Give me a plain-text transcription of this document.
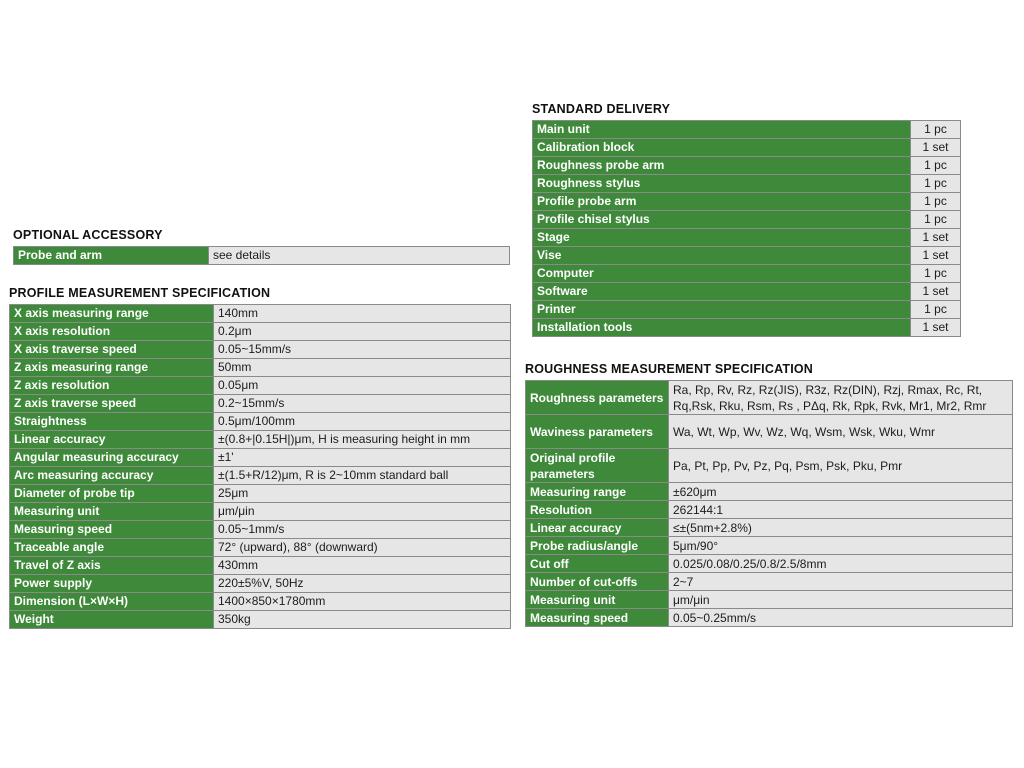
STANDARD DELIVERY
Main unit	1 pc
Calibration block	1 set
Roughness probe arm	1 pc
Roughness stylus	1 pc
Profile probe arm	1 pc
Profile chisel stylus	1 pc
Stage	1 set
Vise	1 set
Computer	1 pc
Software	1 set
Printer	1 pc
Installation tools	1 set
OPTIONAL ACCESSORY
Probe and arm	see details
PROFILE MEASUREMENT SPECIFICATION
X axis measuring range	140mm
X axis resolution	0.2μm
X axis traverse speed	0.05~15mm/s
Z axis measuring range	50mm
Z axis resolution	0.05μm
Z axis traverse speed	0.2~15mm/s
Straightness	0.5μm/100mm
Linear accuracy	±(0.8+|0.15H|)μm, H is measuring height in mm
Angular measuring accuracy	±1'
Arc measuring accuracy	±(1.5+R/12)μm, R is 2~10mm standard ball
Diameter of probe tip	25μm
Measuring unit	μm/μin
Measuring speed	0.05~1mm/s
Traceable angle	72° (upward), 88° (downward)
Travel of Z axis	430mm
Power supply	220±5%V, 50Hz
Dimension (L×W×H)	1400×850×1780mm
Weight	350kg
ROUGHNESS MEASUREMENT SPECIFICATION
Roughness parameters	Ra, Rp, Rv, Rz, Rz(JIS), R3z, Rz(DIN), Rzj, Rmax, Rc, Rt, Rq,Rsk, Rku, Rsm, Rs , PΔq, Rk, Rpk, Rvk, Mr1, Mr2, Rmr
Waviness parameters	Wa, Wt, Wp, Wv, Wz, Wq, Wsm, Wsk, Wku, Wmr
Original profile parameters	Pa, Pt, Pp, Pv, Pz, Pq, Psm, Psk, Pku, Pmr
Measuring range	±620μm
Resolution	262144:1
Linear accuracy	≤±(5nm+2.8%)
Probe radius/angle	5μm/90°
Cut off	0.025/0.08/0.25/0.8/2.5/8mm
Number of cut-offs	2~7
Measuring unit	μm/μin
Measuring speed	0.05~0.25mm/s
